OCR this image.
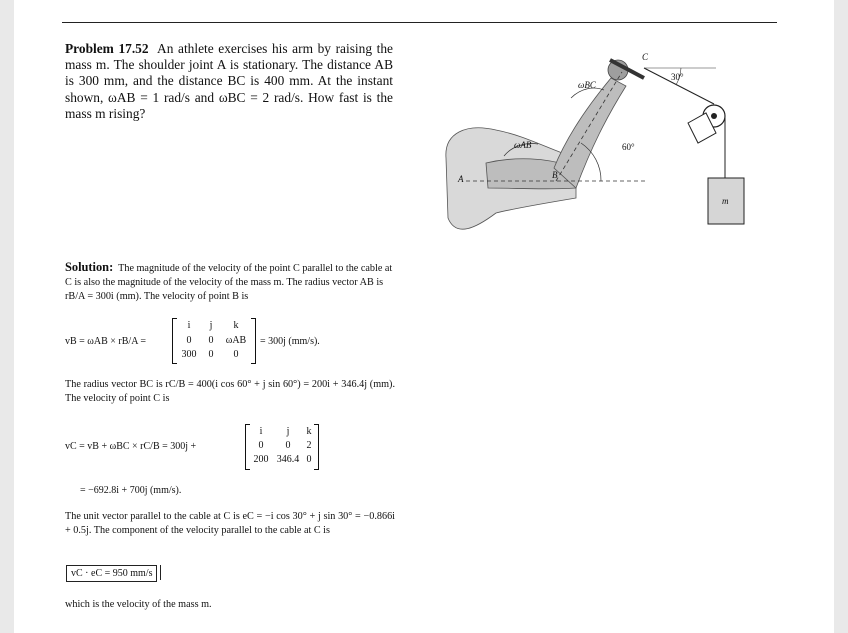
Problem 17.52 An athlete exercises his arm by raising the mass m. The shoulder joint A is stationary. The distance AB is 300 mm, and the distance BC is 400 mm. At the instant shown, ωAB = 1 rad/s and ωBC = 2 rad/s. How fast is the mass m rising?
C
30°
ωBC
ωAB	60°
B
A
m
Solution: The magnitude of the velocity of the point C parallel to the cable at C is also the magnitude of the velocity of the mass m. The radius vector AB is rB/A = 300i (mm). The velocity of point B is
vB = ωAB × rB/A =
i	j	k
0	0	ωAB
300	0	0
= 300j (mm/s).
The radius vector BC is rC/B = 400(i cos 60° + j sin 60°) = 200i + 346.4j (mm). The velocity of point C is
vC = vB + ωBC × rC/B = 300j +
i	j	k
0	0	2
200 346.4 0
= −692.8i + 700j (mm/s).
The unit vector parallel to the cable at C is eC = −i cos 30° + j sin 30° = −0.866i + 0.5j. The component of the velocity parallel to the cable at C is
vC · eC = 950 mm/s
which is the velocity of the mass m.
